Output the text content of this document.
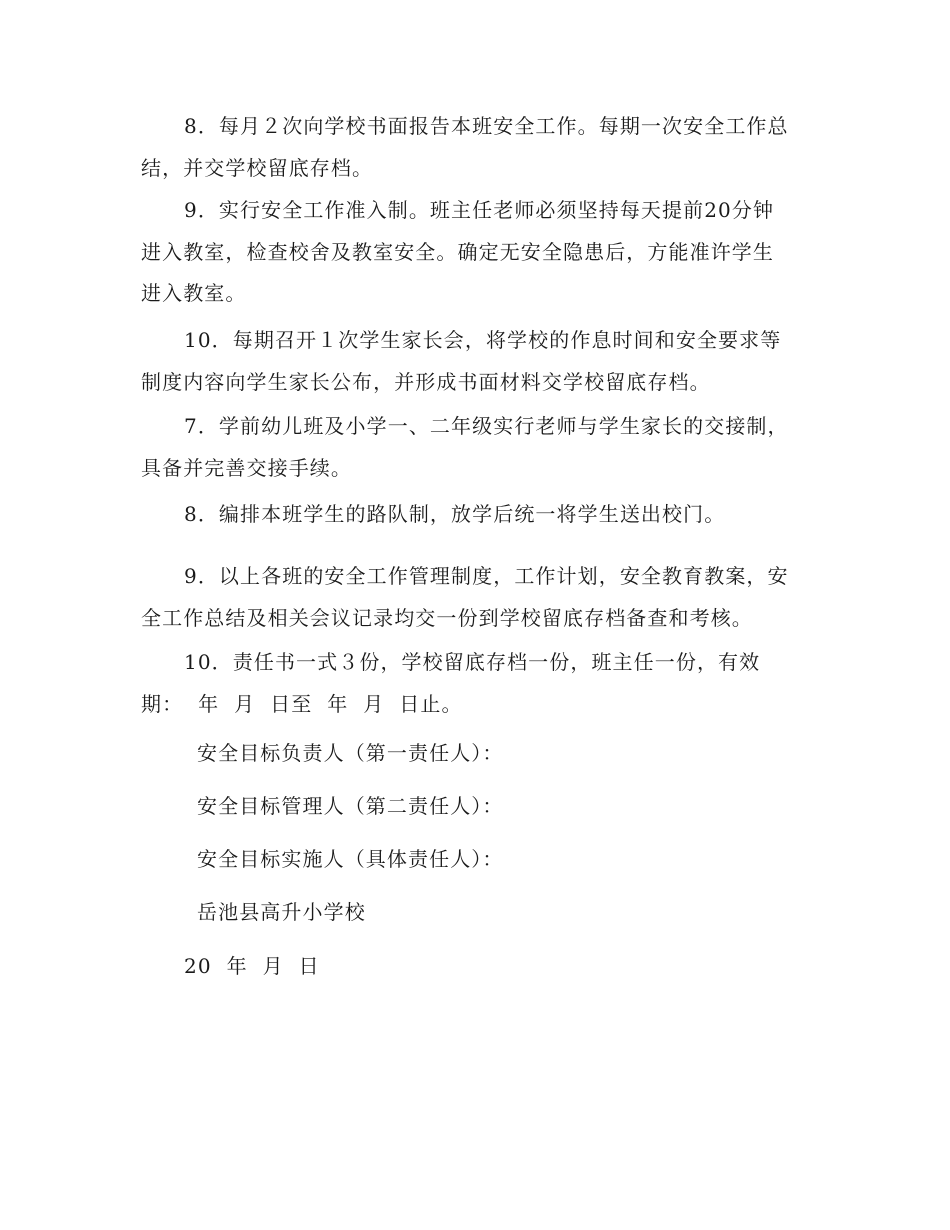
8．每月２次向学校书面报告本班安全工作。每期一次安全工作总
结，并交学校留底存档。
9．实行安全工作准入制。班主任老师必须坚持每天提前20分钟
进入教室，检查校舍及教室安全。确定无安全隐患后，方能准许学生
进入教室。
10．每期召开１次学生家长会，将学校的作息时间和安全要求等
制度内容向学生家长公布，并形成书面材料交学校留底存档。
7．学前幼儿班及小学一、二年级实行老师与学生家长的交接制，
具备并完善交接手续。
8．编排本班学生的路队制，放学后统一将学生送出校门。
9．以上各班的安全工作管理制度，工作计划，安全教育教案，安
全工作总结及相关会议记录均交一份到学校留底存档备查和考核。
10．责任书一式３份，学校留底存档一份，班主任一份，有效
期：  年  月  日至  年  月  日止。
安全目标负责人（第一责任人）：
安全目标管理人（第二责任人）：
安全目标实施人（具体责任人）：
岳池县高升小学校
20  年  月  日
